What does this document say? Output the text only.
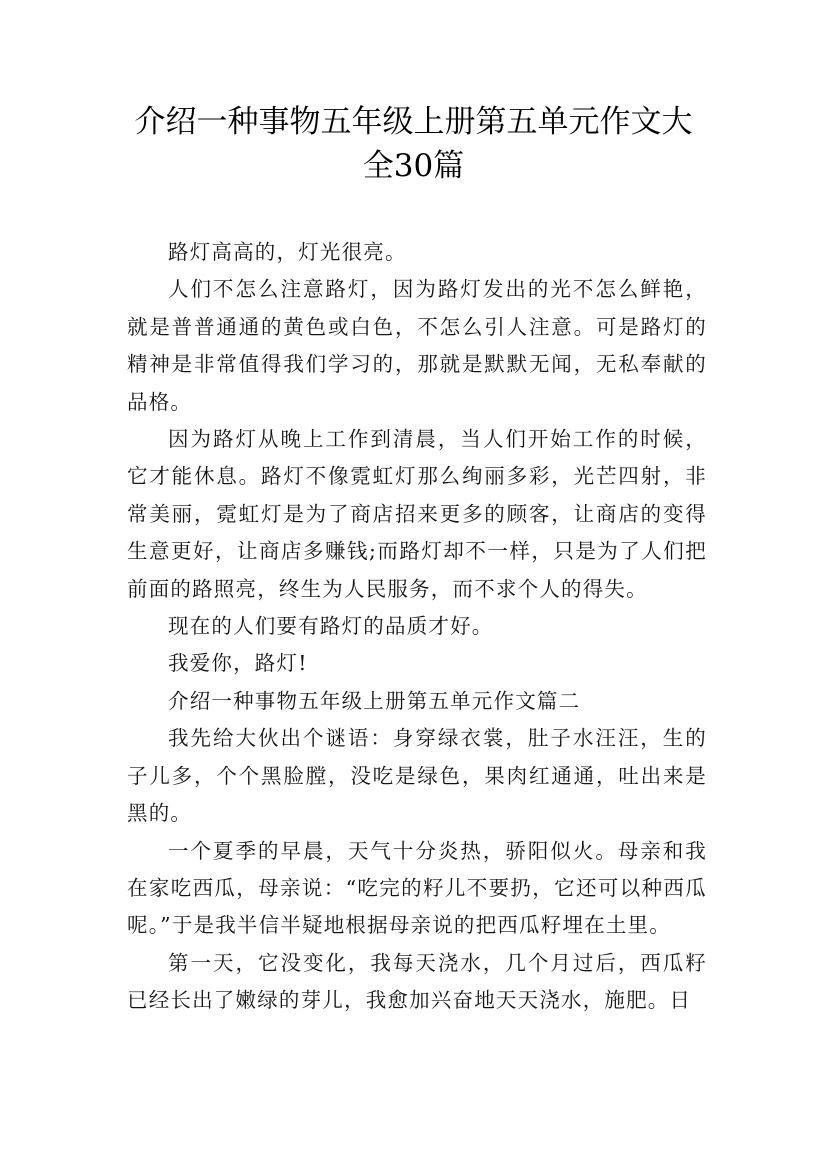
介绍一种事物五年级上册第五单元作文大
全30篇

路灯高高的，灯光很亮。

人们不怎么注意路灯，因为路灯发出的光不怎么鲜艳，就是普普通通的黄色或白色，不怎么引人注意。可是路灯的精神是非常值得我们学习的，那就是默默无闻，无私奉献的品格。

因为路灯从晚上工作到清晨，当人们开始工作的时候，它才能休息。路灯不像霓虹灯那么绚丽多彩，光芒四射，非常美丽，霓虹灯是为了商店招来更多的顾客，让商店的变得生意更好，让商店多赚钱;而路灯却不一样，只是为了人们把前面的路照亮，终生为人民服务，而不求个人的得失。

现在的人们要有路灯的品质才好。

我爱你，路灯!

介绍一种事物五年级上册第五单元作文篇二

我先给大伙出个谜语：身穿绿衣裳，肚子水汪汪，生的子儿多，个个黑脸膛，没吃是绿色，果肉红通通，吐出来是黑的。

一个夏季的早晨，天气十分炎热，骄阳似火。母亲和我在家吃西瓜，母亲说：“吃完的籽儿不要扔，它还可以种西瓜呢。”于是我半信半疑地根据母亲说的把西瓜籽埋在土里。

第一天，它没变化，我每天浇水，几个月过后，西瓜籽已经长出了嫩绿的芽儿，我愈加兴奋地天天浇水，施肥。日
